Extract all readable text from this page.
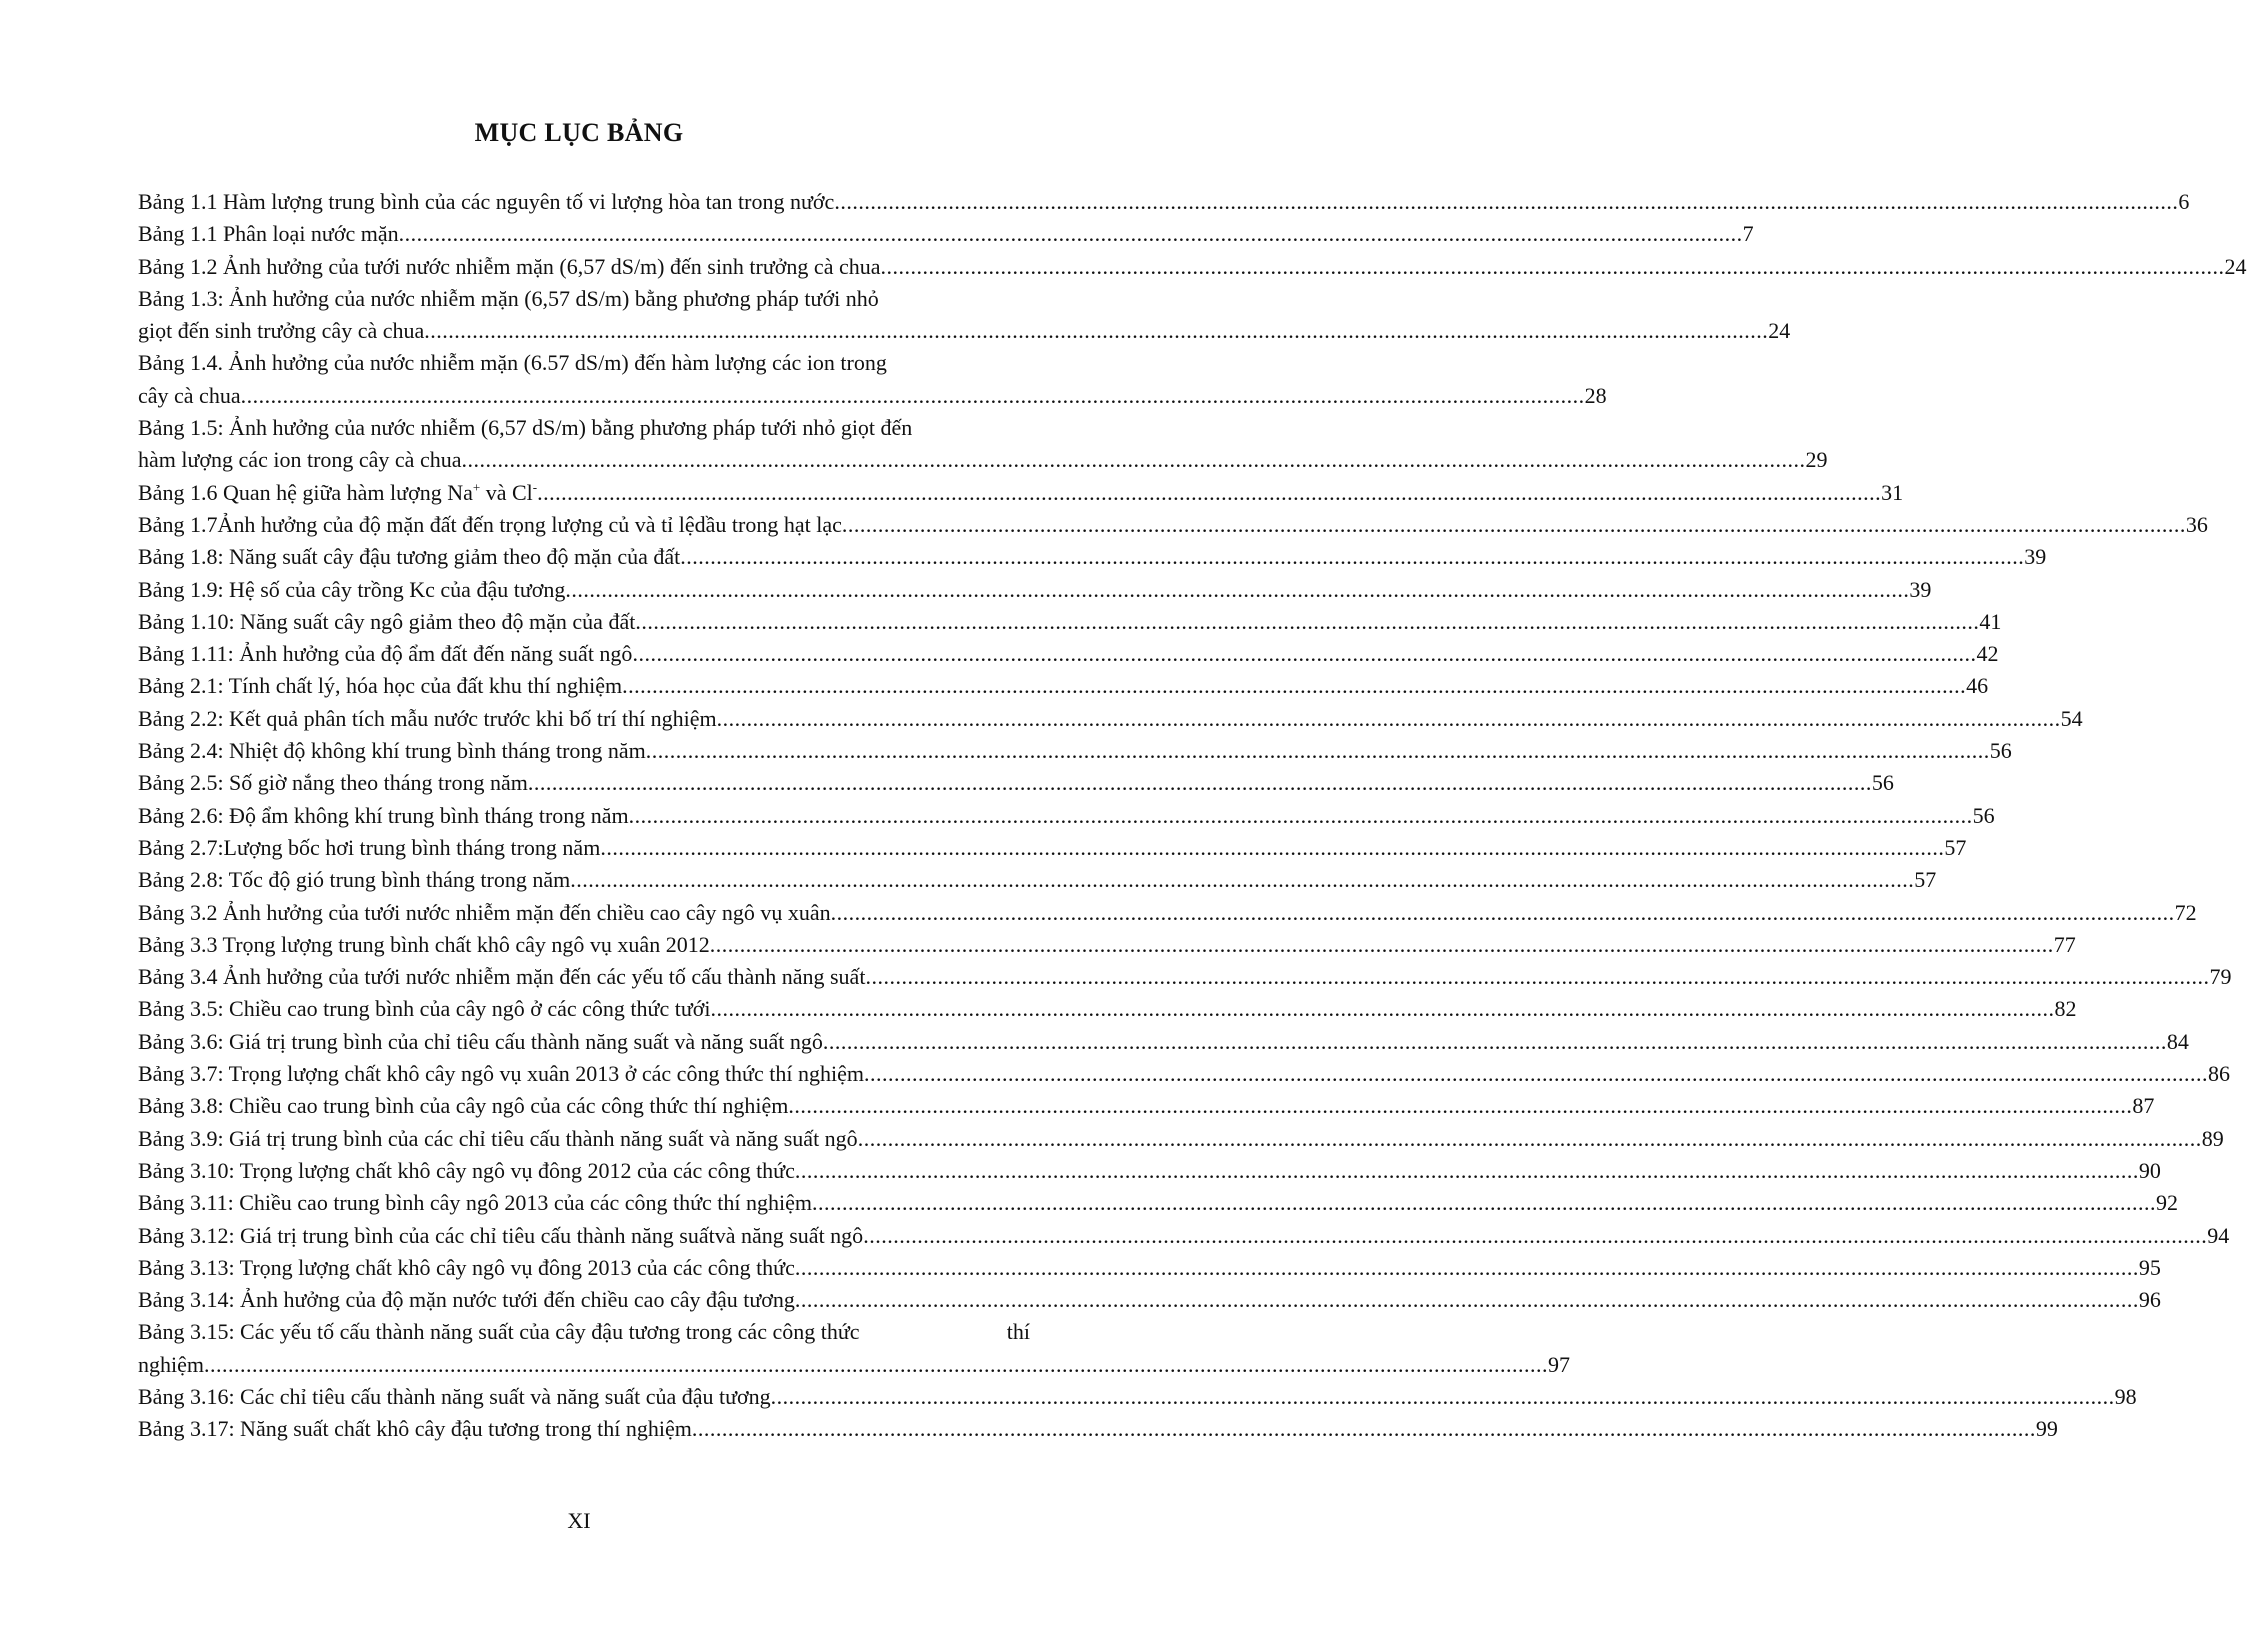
MỤC LỤC BẢNG
Bảng 1.1 Hàm lượng trung bình của các nguyên tố vi lượng hòa tan trong nước .....	6
Bảng 1.1 Phân loại nước mặn .....	7
Bảng 1.2 Ảnh hưởng của tưới nước nhiễm mặn (6,57 dS/m) đến sinh trưởng cà chua .....	24
Bảng 1.3: Ảnh hưởng của nước nhiễm mặn (6,57 dS/m) bằng phương pháp tưới nhỏ
giọt đến sinh trưởng cây cà chua .....	24
Bảng 1.4. Ảnh hưởng của nước nhiễm mặn (6.57 dS/m) đến hàm lượng các ion trong
cây cà chua .....	28
Bảng 1.5: Ảnh hưởng của nước nhiễm (6,57 dS/m) bằng phương pháp tưới nhỏ giọt đến
hàm lượng các ion trong cây cà chua .....	29
Bảng 1.6 Quan hệ giữa hàm lượng Na+ và Cl- .....	31
Bảng 1.7Ảnh hưởng của độ mặn đất đến trọng lượng củ và tỉ lệdầu trong hạt lạc .....	36
Bảng 1.8: Năng suất cây đậu tương giảm theo độ mặn của đất .....	39
Bảng 1.9: Hệ số của cây trồng Kc của đậu tương .....	39
Bảng 1.10: Năng suất cây ngô giảm theo độ mặn của đất .....	41
Bảng 1.11: Ảnh hưởng của độ ẩm đất đến năng suất ngô .....	42
Bảng 2.1: Tính chất lý, hóa học của đất khu thí nghiệm .....	46
Bảng 2.2: Kết quả phân tích mẫu nước trước khi bố trí thí nghiệm .....	54
Bảng 2.4: Nhiệt độ không khí trung bình tháng trong năm .....	56
Bảng 2.5: Số giờ nắng theo tháng trong năm .....	56
Bảng 2.6: Độ ẩm không khí trung bình tháng trong năm .....	56
Bảng 2.7:Lượng bốc hơi trung bình tháng trong năm .....	57
Bảng 2.8: Tốc độ gió trung bình tháng trong năm .....	57
Bảng 3.2 Ảnh hưởng của tưới nước nhiễm mặn đến chiều cao cây ngô vụ xuân .....	72
Bảng 3.3 Trọng lượng trung bình chất khô cây ngô vụ xuân 2012 .....	77
Bảng 3.4 Ảnh hưởng của tưới nước nhiễm mặn đến các yếu tố cấu thành năng suất .....	79
Bảng 3.5: Chiều cao trung bình của cây ngô ở các công thức tưới .....	82
Bảng 3.6: Giá trị trung bình của chỉ tiêu cấu thành năng suất và năng suất ngô .....	84
Bảng 3.7: Trọng lượng chất khô cây ngô vụ xuân 2013 ở các công thức thí nghiệm .....	86
Bảng 3.8: Chiều cao trung bình của cây ngô của các công thức thí nghiệm .....	87
Bảng 3.9: Giá trị trung bình của các chỉ tiêu cấu thành năng suất và năng suất ngô .....	89
Bảng 3.10: Trọng lượng chất khô cây ngô vụ đông 2012 của các công thức .....	90
Bảng 3.11: Chiều cao trung bình cây ngô 2013 của các công thức thí nghiệm .....	92
Bảng 3.12: Giá trị trung bình của các chỉ tiêu cấu thành năng suấtvà năng suất ngô .....	94
Bảng 3.13: Trọng lượng chất khô cây ngô vụ đông 2013 của các công thức .....	95
Bảng 3.14: Ảnh hưởng của độ mặn nước tưới đến chiều cao cây đậu tương .....	96
Bảng 3.15: Các yếu tố cấu thành năng suất của cây đậu tương trong các công thức	thí
nghiệm .....	97
Bảng 3.16: Các chỉ tiêu cấu thành năng suất và năng suất của đậu tương .....	98
Bảng 3.17: Năng suất chất khô cây đậu tương trong thí nghiệm .....	99

XI
